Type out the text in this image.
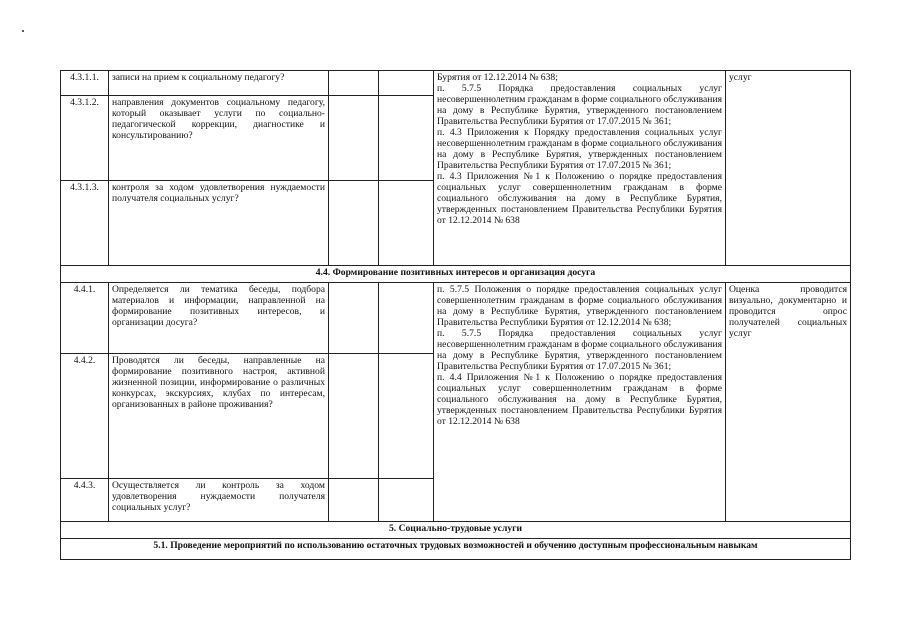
4.3.1.1.	записи на прием к социальному педагогу?			Бурятия от 12.12.2014 № 638;
п. 5.7.5 Порядка предоставления социальных услуг несовершеннолетним гражданам в форме социального обслуживания на дому в Республике Бурятия, утвержденного постановлением Правительства Республики Бурятия от 17.07.2015 № 361;
п. 4.3 Приложения к Порядку предоставления социальных услуг несовершеннолетним гражданам в форме социального обслуживания на дому в Республике Бурятия, утвержденных постановлением Правительства Республики Бурятия от 17.07.2015 № 361;
п. 4.3 Приложения №1 к Положению о порядке предоставления социальных услуг совершеннолетним гражданам в форме социального обслуживания на дому в Республике Бурятия, утвержденных постановлением Правительства Республики Бурятия от 12.12.2014 № 638	услуг
4.3.1.2.	направления документов социальному педагогу, который оказывает услуги по социально-педагогической коррекции, диагностике и консультированию?				
4.3.1.3.	контроля за ходом удовлетворения нуждаемости получателя социальных услуг?				
4.4. Формирование позитивных интересов и организация досуга					
4.4.1.	Определяется ли тематика беседы, подбора материалов и информации, направленной на формирование позитивных интересов, и организации досуга?			п. 5.7.5 Положения о порядке предоставления социальных услуг совершеннолетним гражданам в форме социального обслуживания на дому в Республике Бурятия, утвержденного постановлением Правительства Республики Бурятия от 12.12.2014 № 638;
п. 5.7.5 Порядка предоставления социальных услуг несовершеннолетним гражданам в форме социального обслуживания на дому в Республике Бурятия, утвержденного постановлением Правительства Республики Бурятия от 17.07.2015 № 361;
п. 4.4 Приложения №1 к Положению о порядке предоставления социальных услуг совершеннолетним гражданам в форме социального обслуживания на дому в Республике Бурятия, утвержденных постановлением Правительства Республики Бурятия от 12.12.2014 № 638	Оценка проводится визуально, документарно и проводится опрос получателей социальных услуг
4.4.2.	Проводятся ли беседы, направленные на формирование позитивного настроя, активной жизненной позиции, информирование о различных конкурсах, экскурсиях, клубах по интересам, организованных в районе проживания?				
4.4.3.	Осуществляется ли контроль за ходом удовлетворения нуждаемости получателя социальных услуг?				
5. Социально-трудовые услуги					
5.1. Проведение мероприятий по использованию остаточных трудовых возможностей и обучению доступным профессиональным навыкам					
